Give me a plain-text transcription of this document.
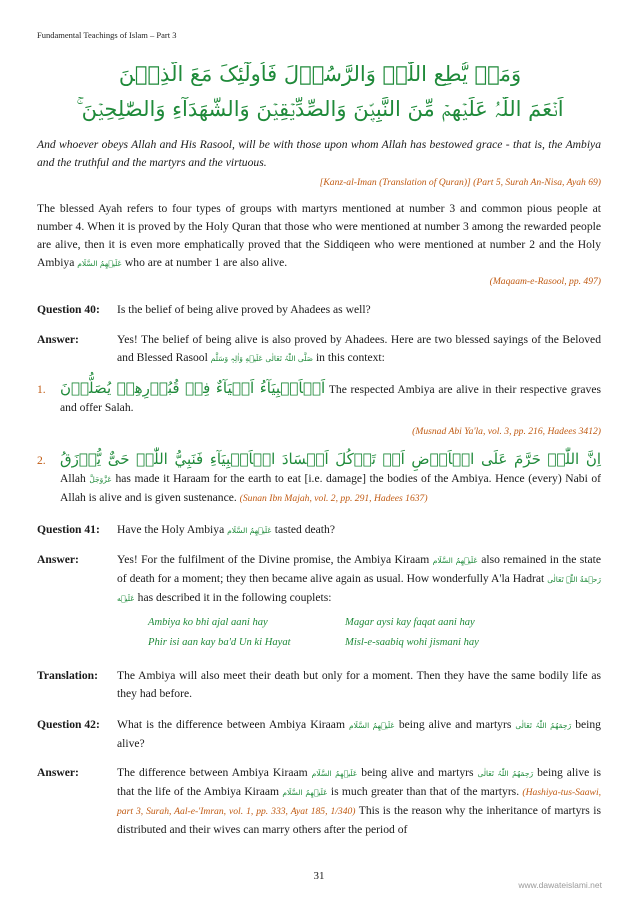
Fundamental Teachings of Islam – Part 3
وَمَنۡ يُّطِعِ اللّٰہَ وَالرَّسُوۡلَ فَاُولٰٓئِکَ مَعَ الَّذِيۡنَ
اَنۡعَمَ اللّٰہُ عَلَيۡهِمۡ مِّنَ النَّبِيّٖنَ وَالصِّدِّيۡقِيۡنَ وَالشُّهَدَآءِ وَالصّٰلِحِيۡنَ ۚ
And whoever obeys Allah and His Rasool, will be with those upon whom Allah has bestowed grace - that is, the Ambiya and the truthful and the martyrs and the virtuous.
[Kanz-al-Iman (Translation of Quran)] (Part 5, Surah An-Nisa, Ayah 69)
The blessed Ayah refers to four types of groups with martyrs mentioned at number 3 and common pious people at number 4. When it is proved by the Holy Quran that those who were mentioned at number 3 among the rewarded people are alive, then it is even more emphatically proved that the Siddiqeen who were mentioned at number 2 and the Holy Ambiya عَلَيۡهِمُ السَّلَام who are at number 1 are also alive.
(Maqaam-e-Rasool, pp. 497)
Question 40:	Is the belief of being alive proved by Ahadees as well?
Answer:	Yes! The belief of being alive is also proved by Ahadees. Here are two blessed sayings of the Beloved and Blessed Rasool صَلَّی اللّٰہُ تَعَالٰی عَلَيۡهِ وَاٰلِہٖ وَسَلَّم in this context:
1. اَلۡاَنۡبِيَآءُ اَحۡيَآءٌ فِیۡ قُبُوۡرِهِمۡ يُصَلُّوۡنَ The respected Ambiya are alive in their respective graves and offer Salah.
(Musnad Abi Ya'la, vol. 3, pp. 216, Hadees 3412)
2. اِنَّ اللّٰہَ حَرَّمَ عَلَی الۡاَرۡضِ اَنۡ تَاۡكُلَ اَجۡسَادَ الۡاَنۡبِيَآءِ فَنَبِيُّ اللّٰہِ حَیٌّ يُّرۡزَقُ Allah عَزَّوَجَلَّ has made it Haraam for the earth to eat [i.e. damage] the bodies of the Ambiya. Hence (every) Nabi of Allah is alive and is given sustenance. (Sunan Ibn Majah, vol. 2, pp. 291, Hadees 1637)
Question 41:	Have the Holy Ambiya عَلَيۡهِمُ السَّلَام tasted death?
Answer:	Yes! For the fulfilment of the Divine promise, the Ambiya Kiraam عَلَيۡهِمُ السَّلَام also remained in the state of death for a moment; they then became alive again as usual. How wonderfully A'la Hadrat رَحۡمَةُ اللّٰہِ تَعَالٰی عَلَيۡه has described it in the following couplets:
Ambiya ko bhi ajal aani hay	Magar aysi kay faqat aani hay
Phir isi aan kay ba'd Un ki Hayat	Misl-e-saabiq wohi jismani hay
Translation:	The Ambiya will also meet their death but only for a moment. Then they have the same bodily life as they had before.
Question 42:	What is the difference between Ambiya Kiraam عَلَيۡهِمُ السَّلَام being alive and martyrs رَحِمَهُمُ اللّٰہُ تَعَالٰی being alive?
Answer:	The difference between Ambiya Kiraam عَلَيۡهِمُ السَّلَام being alive and martyrs رَحِمَهُمُ اللّٰہُ تَعَالٰی being alive is that the life of the Ambiya Kiraam عَلَيۡهِمُ السَّلَام is much greater than that of the martyrs. (Hashiya-tus-Saawi, part 3, Surah, Aal-e-'Imran, vol. 1, pp. 333, Ayat 185, 1/340) This is the reason why the inheritance of martyrs is distributed and their wives can marry others after the period of
31
www.dawateislami.net
